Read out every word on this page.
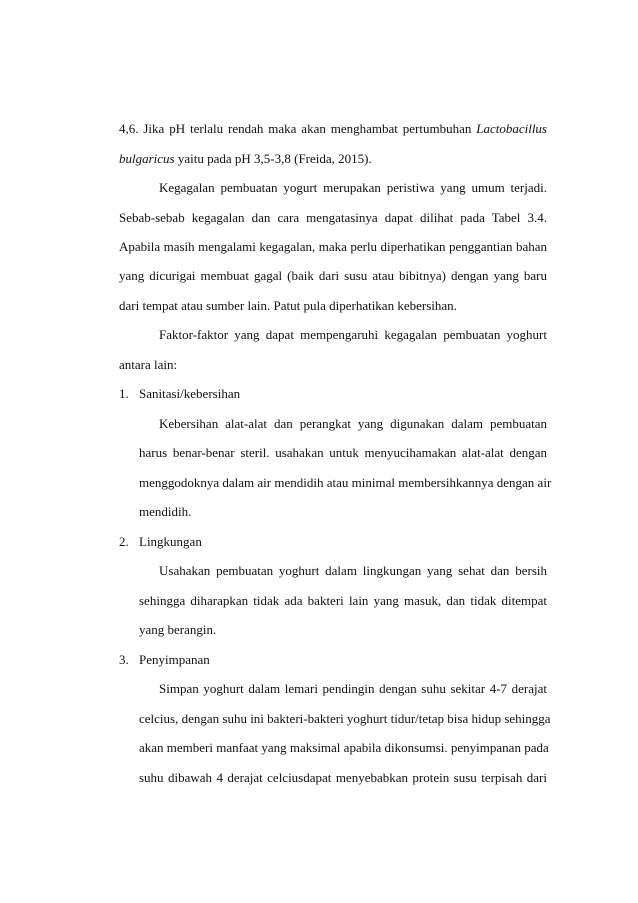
4,6. Jika pH terlalu rendah maka akan menghambat pertumbuhan Lactobacillus
bulgaricus yaitu pada pH 3,5-3,8 (Freida, 2015).
Kegagalan pembuatan yogurt merupakan peristiwa yang umum terjadi.
Sebab-sebab kegagalan dan cara mengatasinya dapat dilihat pada Tabel 3.4.
Apabila masih mengalami kegagalan, maka perlu diperhatikan penggantian bahan
yang dicurigai membuat gagal (baik dari susu atau bibitnya) dengan yang baru
dari tempat atau sumber lain. Patut pula diperhatikan kebersihan.
Faktor-faktor yang dapat mempengaruhi kegagalan pembuatan yoghurt
antara lain:
1. Sanitasi/kebersihan
Kebersihan alat-alat dan perangkat yang digunakan dalam pembuatan
harus benar-benar steril. usahakan untuk menyucihamakan alat-alat dengan
menggodoknya dalam air mendidih atau minimal membersihkannya dengan air
mendidih.
2. Lingkungan
Usahakan pembuatan yoghurt dalam lingkungan yang sehat dan bersih
sehingga diharapkan tidak ada bakteri lain yang masuk, dan tidak ditempat
yang berangin.
3. Penyimpanan
Simpan yoghurt dalam lemari pendingin dengan suhu sekitar 4-7 derajat
celcius, dengan suhu ini bakteri-bakteri yoghurt tidur/tetap bisa hidup sehingga
akan memberi manfaat yang maksimal apabila dikonsumsi. penyimpanan pada
suhu dibawah 4 derajat celciusdapat menyebabkan protein susu terpisah dari
